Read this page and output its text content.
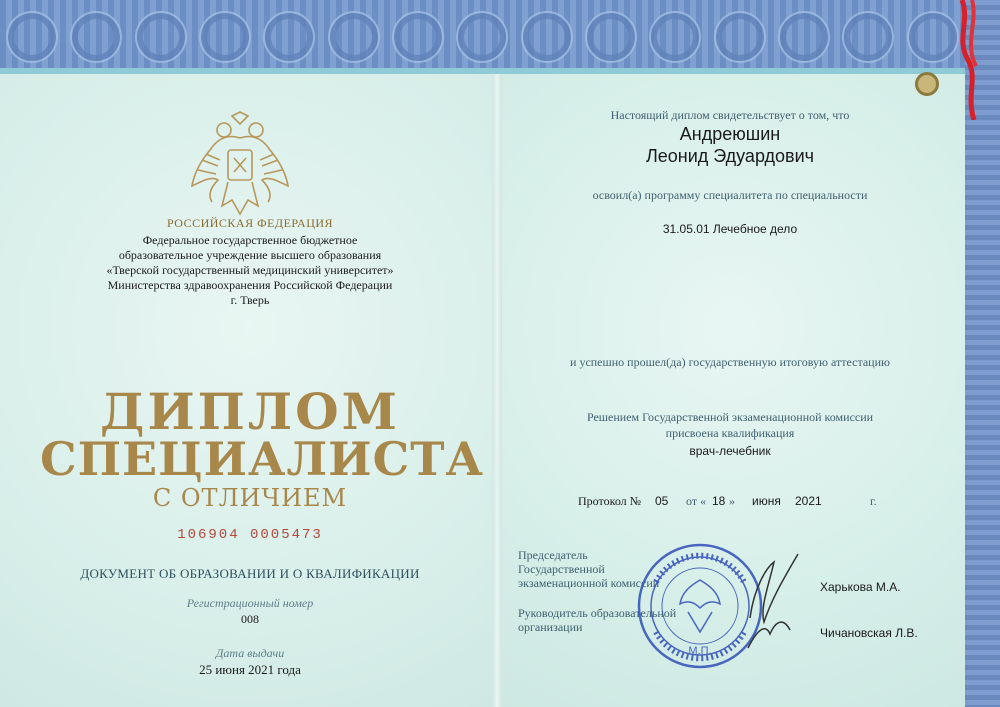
РОССИЙСКАЯ ФЕДЕРАЦИЯ
Федеральное государственное бюджетное
образовательное учреждение высшего образования
«Тверской государственный медицинский университет»
Министерства здравоохранения Российской Федерации
г. Тверь
ДИПЛОМ
СПЕЦИАЛИСТА
С ОТЛИЧИЕМ
106904 0005473
ДОКУМЕНТ ОБ ОБРАЗОВАНИИ И О КВАЛИФИКАЦИИ
Регистрационный номер
008
Дата выдачи
25 июня 2021 года
Настоящий диплом свидетельствует о том, что
Андреюшин
Леонид Эдуардович
освоил(а) программу специалитета по специальности
31.05.01 Лечебное дело
и успешно прошел(да) государственную итоговую аттестацию
Решением Государственной экзаменационной комиссии
присвоена квалификация
врач-лечебник
Протокол № 05 от « 18 » июня 2021	г.
Председатель
Государственной
экзаменационной комиссии
Руководитель образовательной
организации
М.П.
Харькова М.А.
Чичановская Л.В.
